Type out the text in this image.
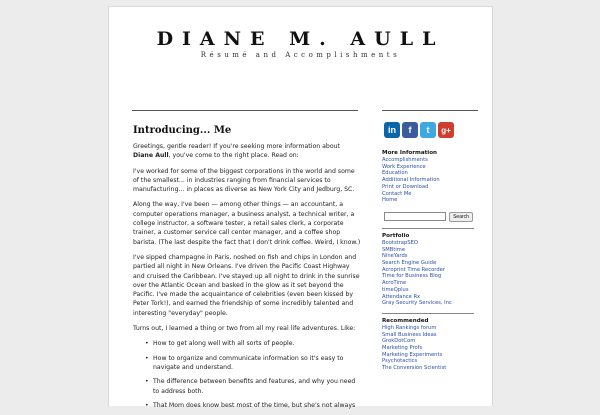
DIANE M. AULL
Résumé and Accomplishments
Introducing... Me

Greetings, gentle reader! If you're seeking more information about Diane Aull, you've come to the right place. Read on:

I've worked for some of the biggest corporations in the world and some of the smallest... in industries ranging from financial services to manufacturing... in places as diverse as New York City and Jedburg, SC.

Along the way, I've been — among other things — an accountant, a computer operations manager, a business analyst, a technical writer, a college instructor, a software tester, a retail sales clerk, a corporate trainer, a customer service call center manager, and a coffee shop barista. (The last despite the fact that I don't drink coffee. Weird, I know.)

I've sipped champagne in Paris, noshed on fish and chips in London and partied all night in New Orleans. I've driven the Pacific Coast Highway and cruised the Caribbean. I've stayed up all night to drink in the sunrise over the Atlantic Ocean and basked in the glow as it set beyond the Pacific. I've made the acquaintance of celebrities (even been kissed by Peter Tork!), and earned the friendship of some incredibly talented and interesting "everyday" people.

Turns out, I learned a thing or two from all my real life adventures. Like:

• How to get along well with all sorts of people.
• How to organize and communicate information so it's easy to navigate and understand.
• The difference between benefits and features, and why you need to address both.
• That Mom does know best most of the time, but she's not always
in	f	t	g+
More Information
Accomplishments
Work Experience
Education
Additional Information
Print or Download
Contact Me
Home
Search
Portfolio
BootstrapSEO
SMBtime
NineYards
Search Engine Guide
Acroprint Time Recorder
Time for Business Blog
AcroTime
timeQplus
Attendance Rx
Gray Security Services, Inc
Recommended
High Rankings forum
Small Business Ideas
GrokDotCom
Marketing Profs
Marketing Experiments
Psychotactics
The Conversion Scientist
